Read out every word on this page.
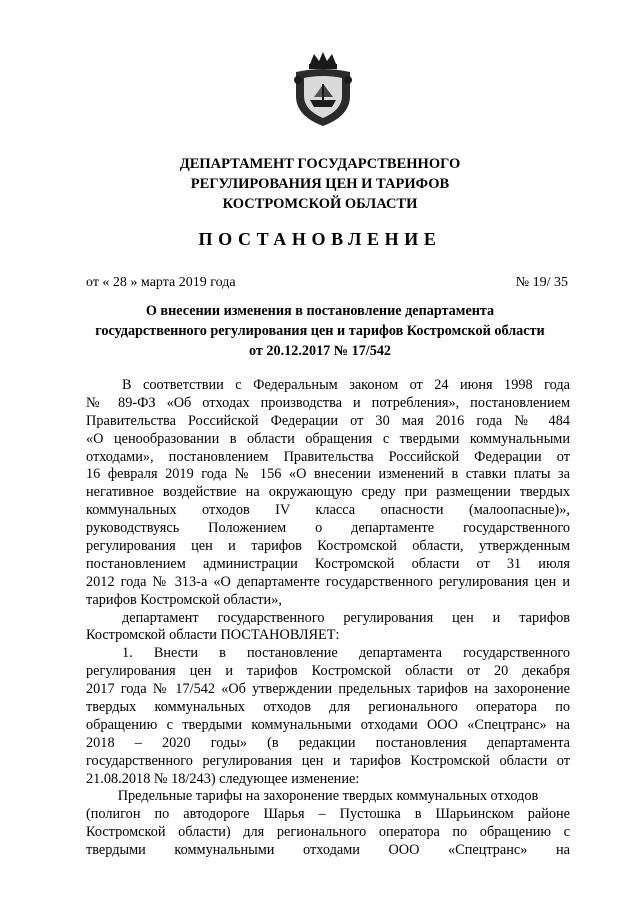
ДЕПАРТАМЕНТ ГОСУДАРСТВЕННОГО
РЕГУЛИРОВАНИЯ ЦЕН И ТАРИФОВ
КОСТРОМСКОЙ ОБЛАСТИ
ПОСТАНОВЛЕНИЕ
от « 28 » марта 2019 года	№ 19/ 35
О внесении изменения в постановление департамента
государственного регулирования цен и тарифов Костромской области
от 20.12.2017 № 17/542
В соответствии с Федеральным законом от 24 июня 1998 года
№ 89-ФЗ «Об отходах производства и потребления», постановлением
Правительства Российской Федерации от 30 мая 2016 года № 484
«О ценообразовании в области обращения с твердыми коммунальными
отходами», постановлением Правительства Российской Федерации от
16 февраля 2019 года № 156 «О внесении изменений в ставки платы за
негативное воздействие на окружающую среду при размещении твердых
коммунальных отходов IV класса опасности (малоопасные)»,
руководствуясь Положением о департаменте государственного
регулирования цен и тарифов Костромской области, утвержденным
постановлением администрации Костромской области от 31 июля
2012 года № 313-а «О департаменте государственного регулирования цен и
тарифов Костромской области»,
департамент государственного регулирования цен и тарифов
Костромской области ПОСТАНОВЛЯЕТ:
1. Внести в постановление департамента государственного
регулирования цен и тарифов Костромской области от 20 декабря
2017 года № 17/542 «Об утверждении предельных тарифов на захоронение
твердых коммунальных отходов для регионального оператора по
обращению с твердыми коммунальными отходами ООО «Спецтранс» на
2018 – 2020 годы» (в редакции постановления департамента
государственного регулирования цен и тарифов Костромской области от
21.08.2018 № 18/243) следующее изменение:
Предельные тарифы на захоронение твердых коммунальных отходов
(полигон по автодороге Шарья – Пустошка в Шарьинском районе
Костромской области) для регионального оператора по обращению с
твердыми коммунальными отходами ООО «Спецтранс» на
